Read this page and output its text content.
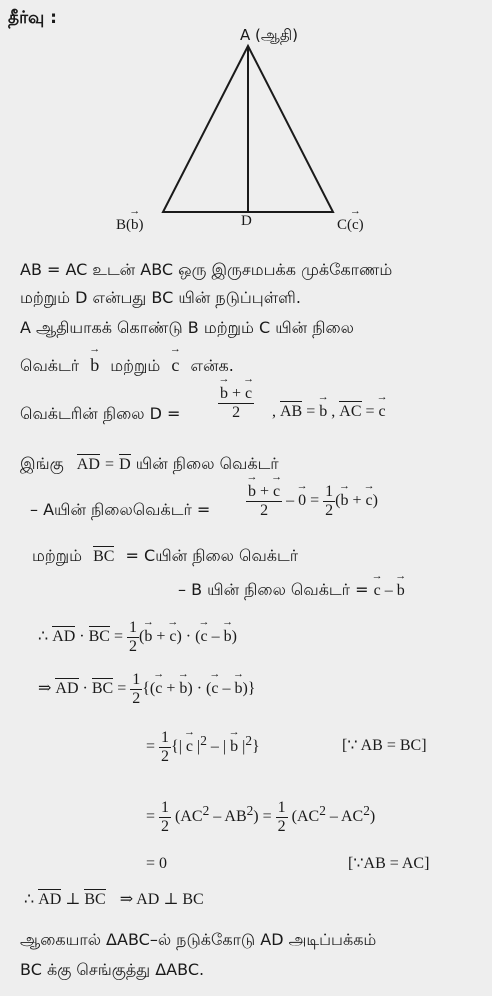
தீர்வு :
A (ஆதி)
B(b →)	D	C(c →)
AB = AC உடன் ABC ஒரு இருசமபக்க முக்கோணம்
மற்றும் D என்பது BC யின் நடுப்புள்ளி.
A ஆதியாகக் கொண்டு B மற்றும் C யின் நிலை
வெக்டர் b → மற்றும் c → என்க.
வெக்டரின் நிலை $D = \frac{b \to + c \to}{2}$ , AB = b → , AC = c →
இங்கு AD = D யின் நிலை வெக்டர்
– Aயின் நிலைவெக்டர் = $\frac{b \to + c \to}{2} - 0$ → = $\frac{1}{2} (b$ → + c →)
மற்றும் BC = Cயின் நிலை வெக்டர்
– B யின் நிலை வெக்டர் = c → – b →
∴ AD · BC = $\frac{1}{2} (b$ → + c →) · (c → – b →)
⇒ AD · BC = $\frac{1}{2} \{(c$ → + b →) · (c → – b →)}
= $\frac{1}{2}$ {| $c \to |^2$ – | $b \to |^2$}	[∵ AB = BC]
= $\frac{1}{2} (AC^2 - AB^2) = \frac{1}{2} (AC^2 - AC^2)$
= 0	[∵AB = AC]
∴ AD ⊥ BC ⇒ AD ⊥ BC
ஆகையால் ΔABC–ல் நடுக்கோடு AD அடிப்பக்கம்
BC க்கு செங்குத்து ΔABC.
